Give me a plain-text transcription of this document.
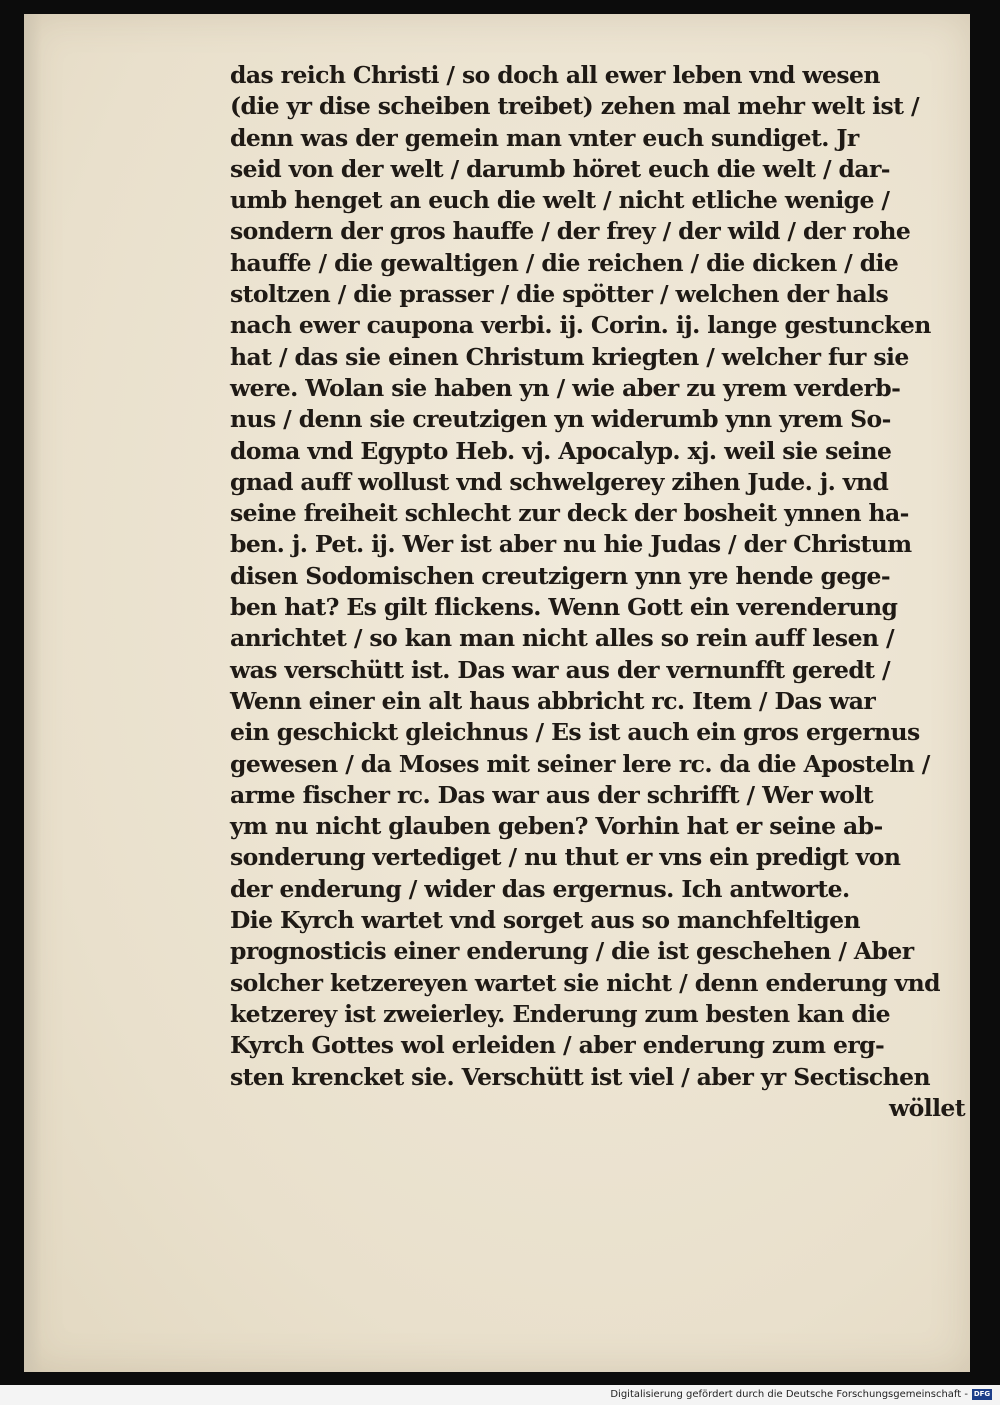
das reich Christi / so doch all ewer leben vnd wesen
(die yr dise scheiben treibet) zehen mal mehr welt ist /
denn was der gemein man vnter euch sundiget. Jr
seid von der welt / darumb höret euch die welt / dar-
umb henget an euch die welt / nicht etliche wenige /
sondern der gros hauffe / der frey / der wild / der rohe
hauffe / die gewaltigen / die reichen / die dicken / die
stoltzen / die prasser / die spötter / welchen der hals
nach ewer caupona verbi. ij. Corin. ij. lange gestuncken
hat / das sie einen Christum kriegten / welcher fur sie
were. Wolan sie haben yn / wie aber zu yrem verderb-
nus / denn sie creutzigen yn widerumb ynn yrem So-
doma vnd Egypto Heb. vj. Apocalyp. xj. weil sie seine
gnad auff wollust vnd schwelgerey zihen Jude. j. vnd
seine freiheit schlecht zur deck der bosheit ynnen ha-
ben. j. Pet. ij. Wer ist aber nu hie Judas / der Christum
disen Sodomischen creutzigern ynn yre hende gege-
ben hat? Es gilt flickens. Wenn Gott ein verenderung
anrichtet / so kan man nicht alles so rein auff lesen /
was verschütt ist. Das war aus der vernunfft geredt /
Wenn einer ein alt haus abbricht rc. Item / Das war
ein geschickt gleichnus / Es ist auch ein gros ergernus
gewesen / da Moses mit seiner lere rc. da die Aposteln /
arme fischer rc. Das war aus der schrifft / Wer wolt
ym nu nicht glauben geben? Vorhin hat er seine ab-
sonderung vertediget / nu thut er vns ein predigt von
der enderung / wider das ergernus. Ich antworte.
Die Kyrch wartet vnd sorget aus so manchfeltigen
prognosticis einer enderung / die ist geschehen / Aber
solcher ketzereyen wartet sie nicht / denn enderung vnd
ketzerey ist zweierley. Enderung zum besten kan die
Kyrch Gottes wol erleiden / aber enderung zum erg-
sten krencket sie. Verschütt ist viel / aber yr Sectischen
wöllet
Digitalisierung gefördert durch die Deutsche Forschungsgemeinschaft - DFG
